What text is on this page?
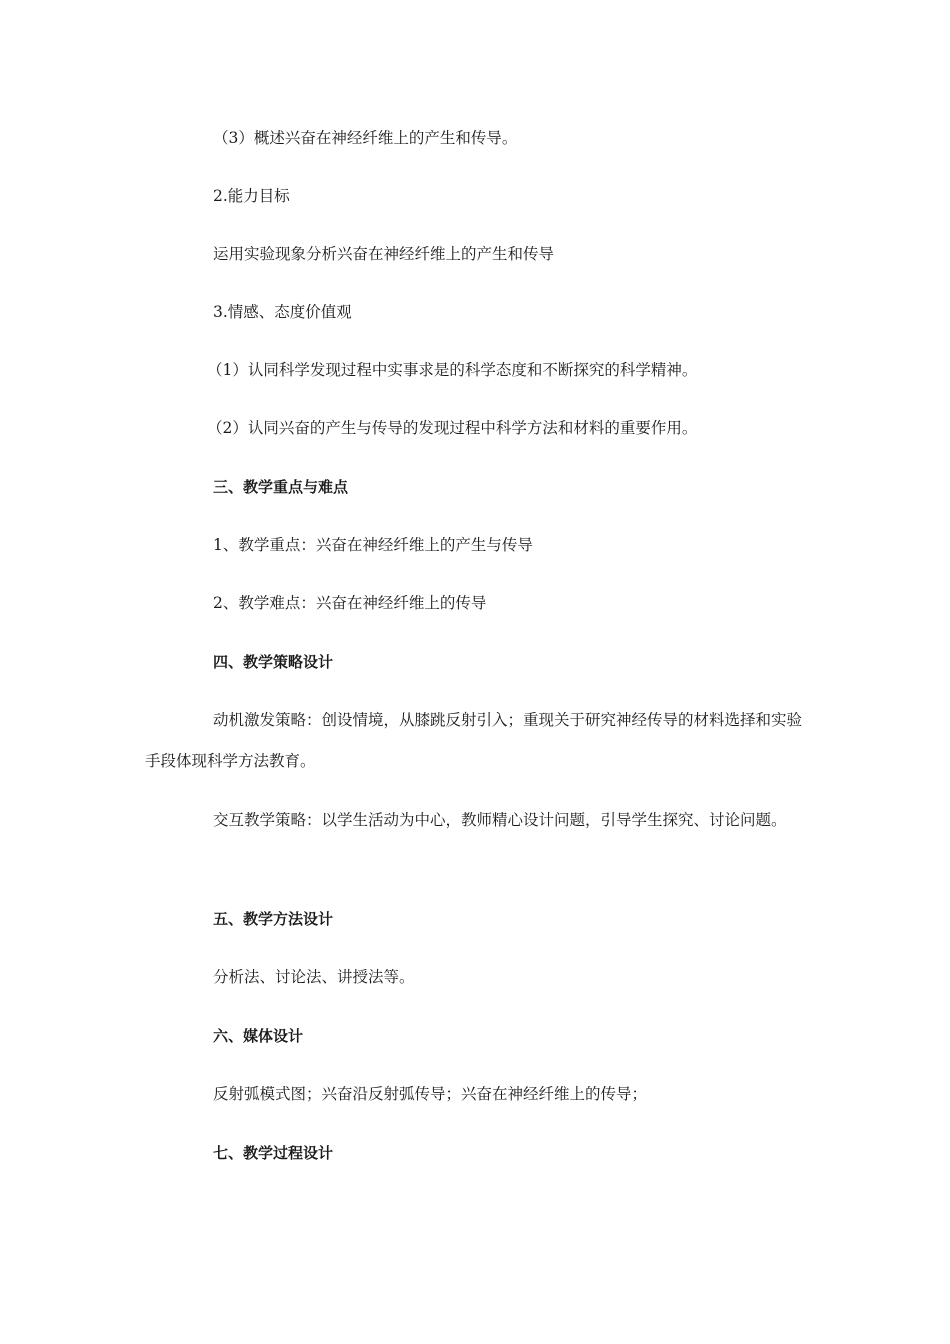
（3）概述兴奋在神经纤维上的产生和传导。

2.能力目标

运用实验现象分析兴奋在神经纤维上的产生和传导

3.情感、态度价值观

（1）认同科学发现过程中实事求是的科学态度和不断探究的科学精神。

（2）认同兴奋的产生与传导的发现过程中科学方法和材料的重要作用。

三、教学重点与难点

1、教学重点：兴奋在神经纤维上的产生与传导

2、教学难点：兴奋在神经纤维上的传导

四、教学策略设计

动机激发策略：创设情境，从膝跳反射引入；重现关于研究神经传导的材料选择和实验手段体现科学方法教育。

交互教学策略：以学生活动为中心，教师精心设计问题，引导学生探究、讨论问题。

五、教学方法设计

分析法、讨论法、讲授法等。

六、媒体设计

反射弧模式图；兴奋沿反射弧传导；兴奋在神经纤维上的传导；

七、教学过程设计
